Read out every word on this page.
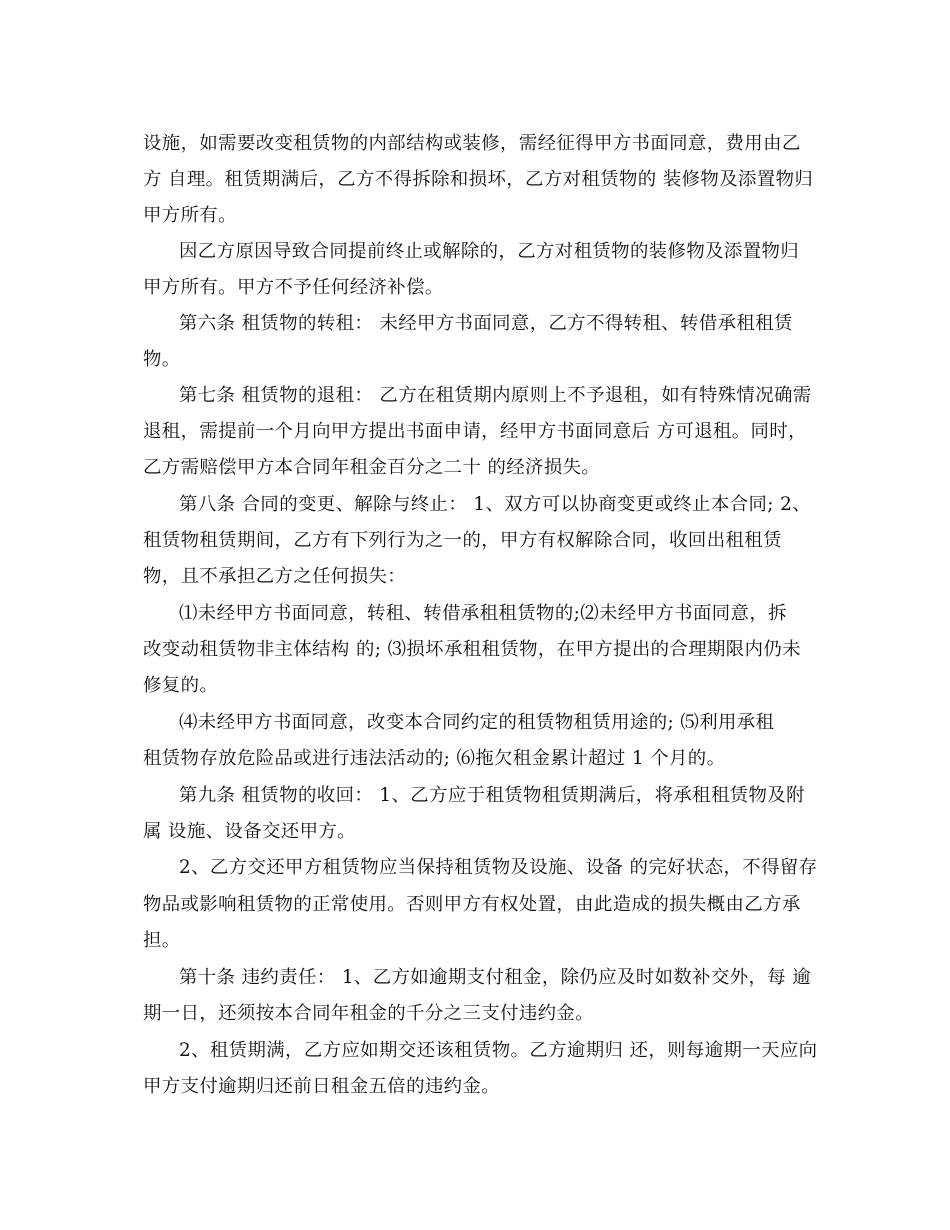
设施，如需要改变租赁物的内部结构或装修，需经征得甲方书面同意，费用由乙
方 自理。租赁期满后，乙方不得拆除和损坏，乙方对租赁物的 装修物及添置物归
甲方所有。
因乙方原因导致合同提前终止或解除的，乙方对租赁物的装修物及添置物归
甲方所有。甲方不予任何经济补偿。
第六条 租赁物的转租： 未经甲方书面同意，乙方不得转租、转借承租租赁
物。
第七条 租赁物的退租： 乙方在租赁期内原则上不予退租，如有特殊情况确需
退租，需提前一个月向甲方提出书面申请，经甲方书面同意后 方可退租。同时，
乙方需赔偿甲方本合同年租金百分之二十 的经济损失。
第八条 合同的变更、解除与终止： 1、双方可以协商变更或终止本合同; 2、
租赁物租赁期间，乙方有下列行为之一的，甲方有权解除合同，收回出租租赁
物，且不承担乙方之任何损失：
⑴未经甲方书面同意，转租、转借承租租赁物的;⑵未经甲方书面同意，拆
改变动租赁物非主体结构 的; ⑶损坏承租租赁物，在甲方提出的合理期限内仍未
修复的。
⑷未经甲方书面同意，改变本合同约定的租赁物租赁用途的; ⑸利用承租
租赁物存放危险品或进行违法活动的; ⑹拖欠租金累计超过 1 个月的。
第九条 租赁物的收回： 1、乙方应于租赁物租赁期满后，将承租租赁物及附
属 设施、设备交还甲方。
2、乙方交还甲方租赁物应当保持租赁物及设施、设备 的完好状态，不得留存
物品或影响租赁物的正常使用。否则甲方有权处置，由此造成的损失概由乙方承
担。
第十条 违约责任： 1、乙方如逾期支付租金，除仍应及时如数补交外，每 逾
期一日，还须按本合同年租金的千分之三支付违约金。
2、租赁期满，乙方应如期交还该租赁物。乙方逾期归 还，则每逾期一天应向
甲方支付逾期归还前日租金五倍的违约金。
